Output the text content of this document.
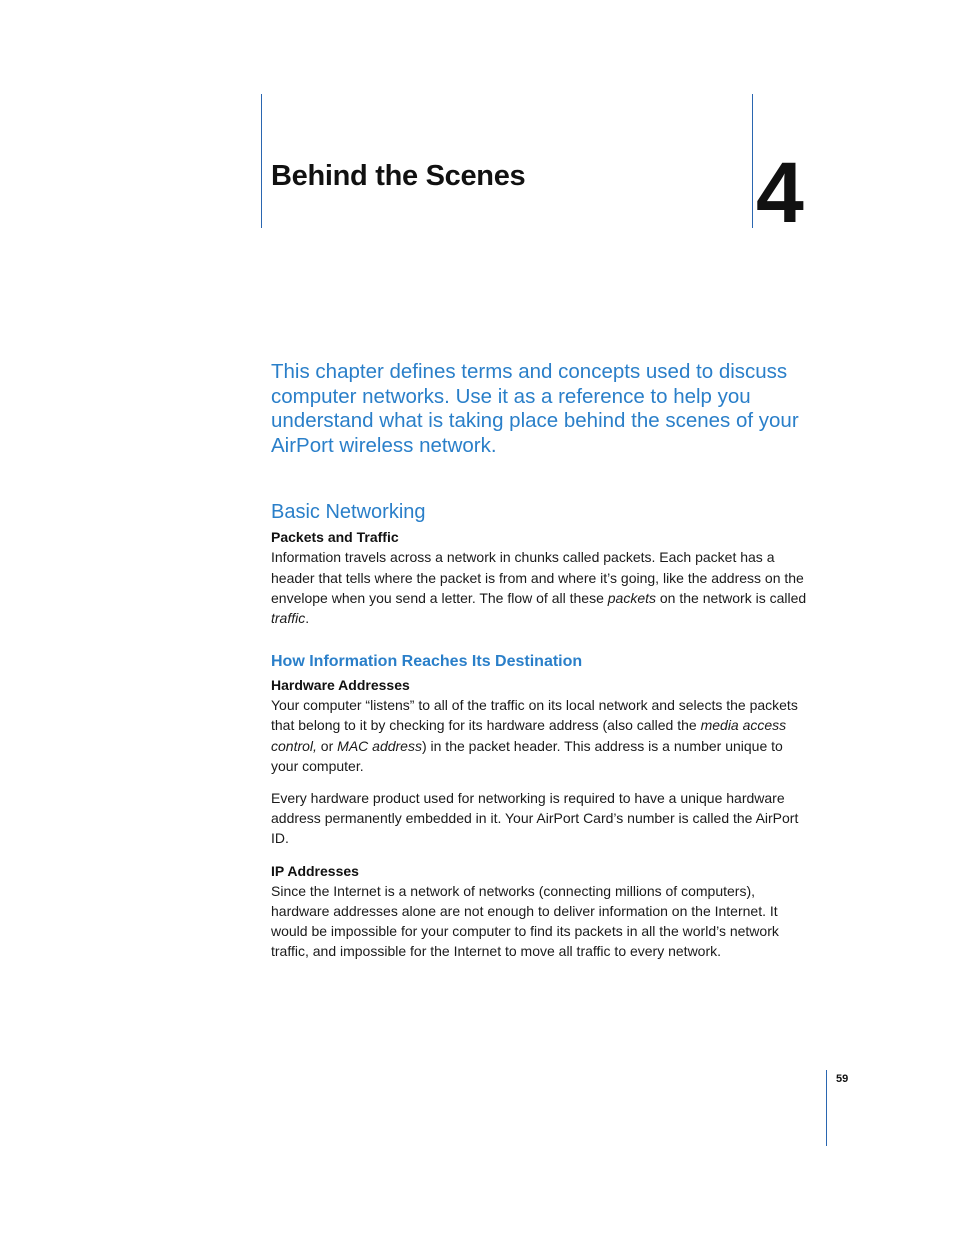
Behind the Scenes	4

This chapter defines terms and concepts used to discuss computer networks. Use it as a reference to help you understand what is taking place behind the scenes of your AirPort wireless network.

Basic Networking
Packets and Traffic

Information travels across a network in chunks called packets. Each packet has a header that tells where the packet is from and where it’s going, like the address on the envelope when you send a letter. The flow of all these packets on the network is called traffic.

How Information Reaches Its Destination
Hardware Addresses

Your computer “listens” to all of the traffic on its local network and selects the packets that belong to it by checking for its hardware address (also called the media access control, or MAC address) in the packet header. This address is a number unique to your computer.

Every hardware product used for networking is required to have a unique hardware address permanently embedded in it. Your AirPort Card’s number is called the AirPort ID.

IP Addresses

Since the Internet is a network of networks (connecting millions of computers), hardware addresses alone are not enough to deliver information on the Internet. It would be impossible for your computer to find its packets in all the world’s network traffic, and impossible for the Internet to move all traffic to every network.

59
